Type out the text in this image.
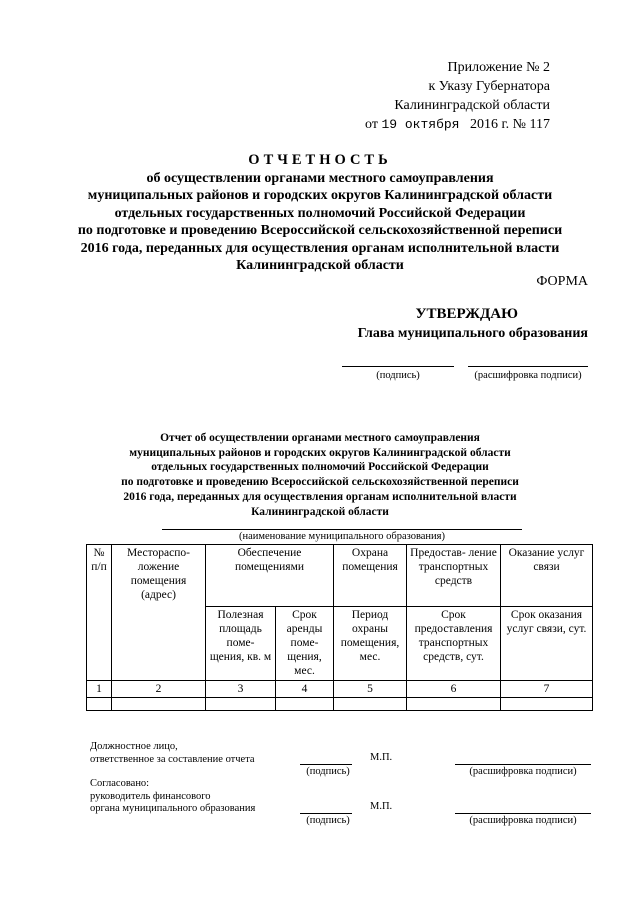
Приложение № 2
к Указу Губернатора
Калининградской области
от 19 октября 2016 г. № 117
ОТЧЕТНОСТЬ
об осуществлении органами местного самоуправления
муниципальных районов и городских округов Калининградской области
отдельных государственных полномочий Российской Федерации
по подготовке и проведению Всероссийской сельскохозяйственной переписи
2016 года, переданных для осуществления органам исполнительной власти
Калининградской области
ФОРМА
УТВЕРЖДАЮ
Глава муниципального образования
(подпись)	(расшифровка подписи)
Отчет об осуществлении органами местного самоуправления
муниципальных районов и городских округов Калининградской области
отдельных государственных полномочий Российской Федерации
по подготовке и проведению Всероссийской сельскохозяйственной переписи
2016 года, переданных для осуществления органам исполнительной власти
Калининградской области
(наименование муниципального образования)
№ п/п	Местораспо- ложение помещения (адрес)	Обеспечение помещениями		Охрана помещения	Предостав- ление транспортных средств	Оказание услуг связи
		Полезная площадь поме- щения, кв. м	Срок аренды поме- щения, мес.	Период охраны помещения, мес.	Срок предоставления транспортных средств, сут.	Срок оказания услуг связи, сут.
1	2	3	4	5	6	7

Должностное лицо,
ответственное за составление отчета	М.П.
(подпись)	(расшифровка подписи)
Согласовано:
руководитель финансового
органа муниципального образования	М.П.
(подпись)	(расшифровка подписи)
